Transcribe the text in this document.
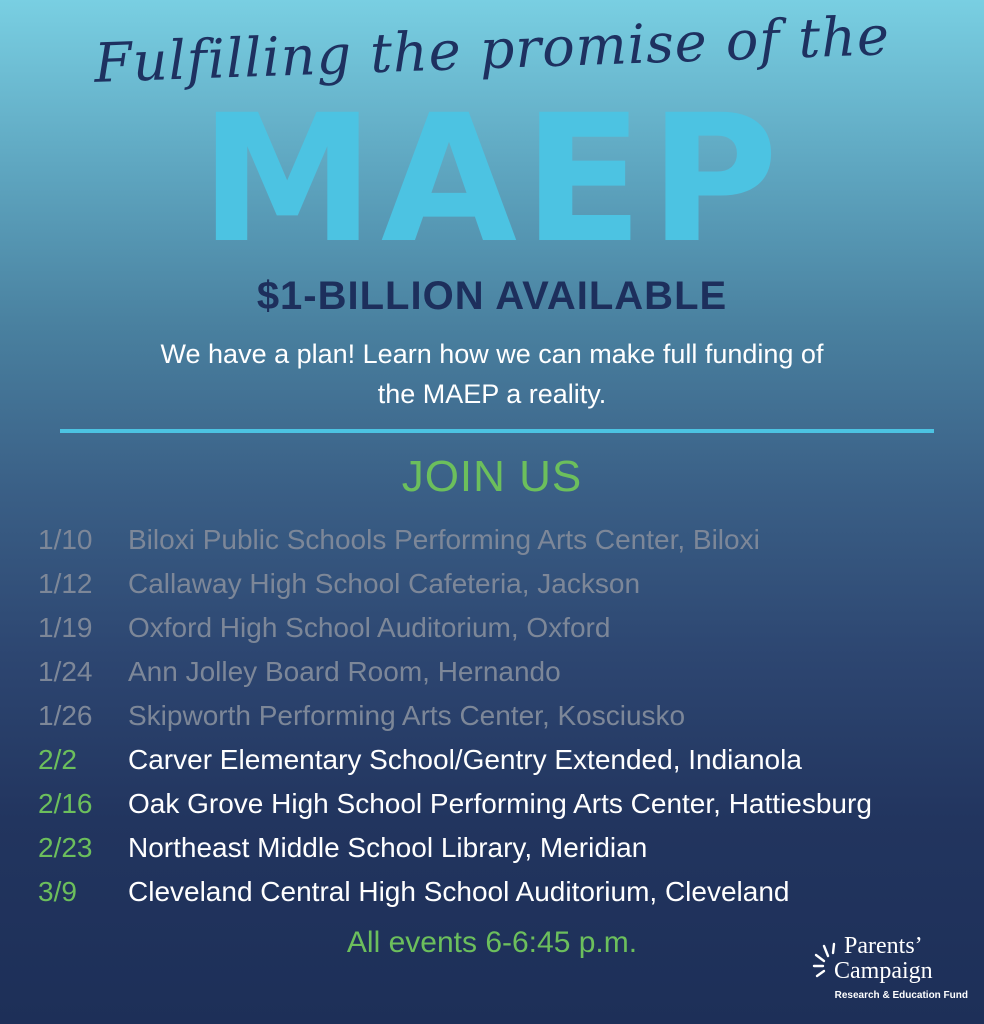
Fulfilling the promise of the
MAEP
$1-BILLION AVAILABLE
We have a plan! Learn how we can make full funding of the MAEP a reality.
JOIN US
1/10	Biloxi Public Schools Performing Arts Center, Biloxi
1/12	Callaway High School Cafeteria, Jackson
1/19	Oxford High School Auditorium, Oxford
1/24	Ann Jolley Board Room, Hernando
1/26	Skipworth Performing Arts Center, Kosciusko
2/2	Carver Elementary School/Gentry Extended, Indianola
2/16	Oak Grove High School Performing Arts Center, Hattiesburg
2/23	Northeast Middle School Library, Meridian
3/9	Cleveland Central High School Auditorium, Cleveland
All events 6-6:45 p.m.	Parents’
Campaign
Research & Education Fund
